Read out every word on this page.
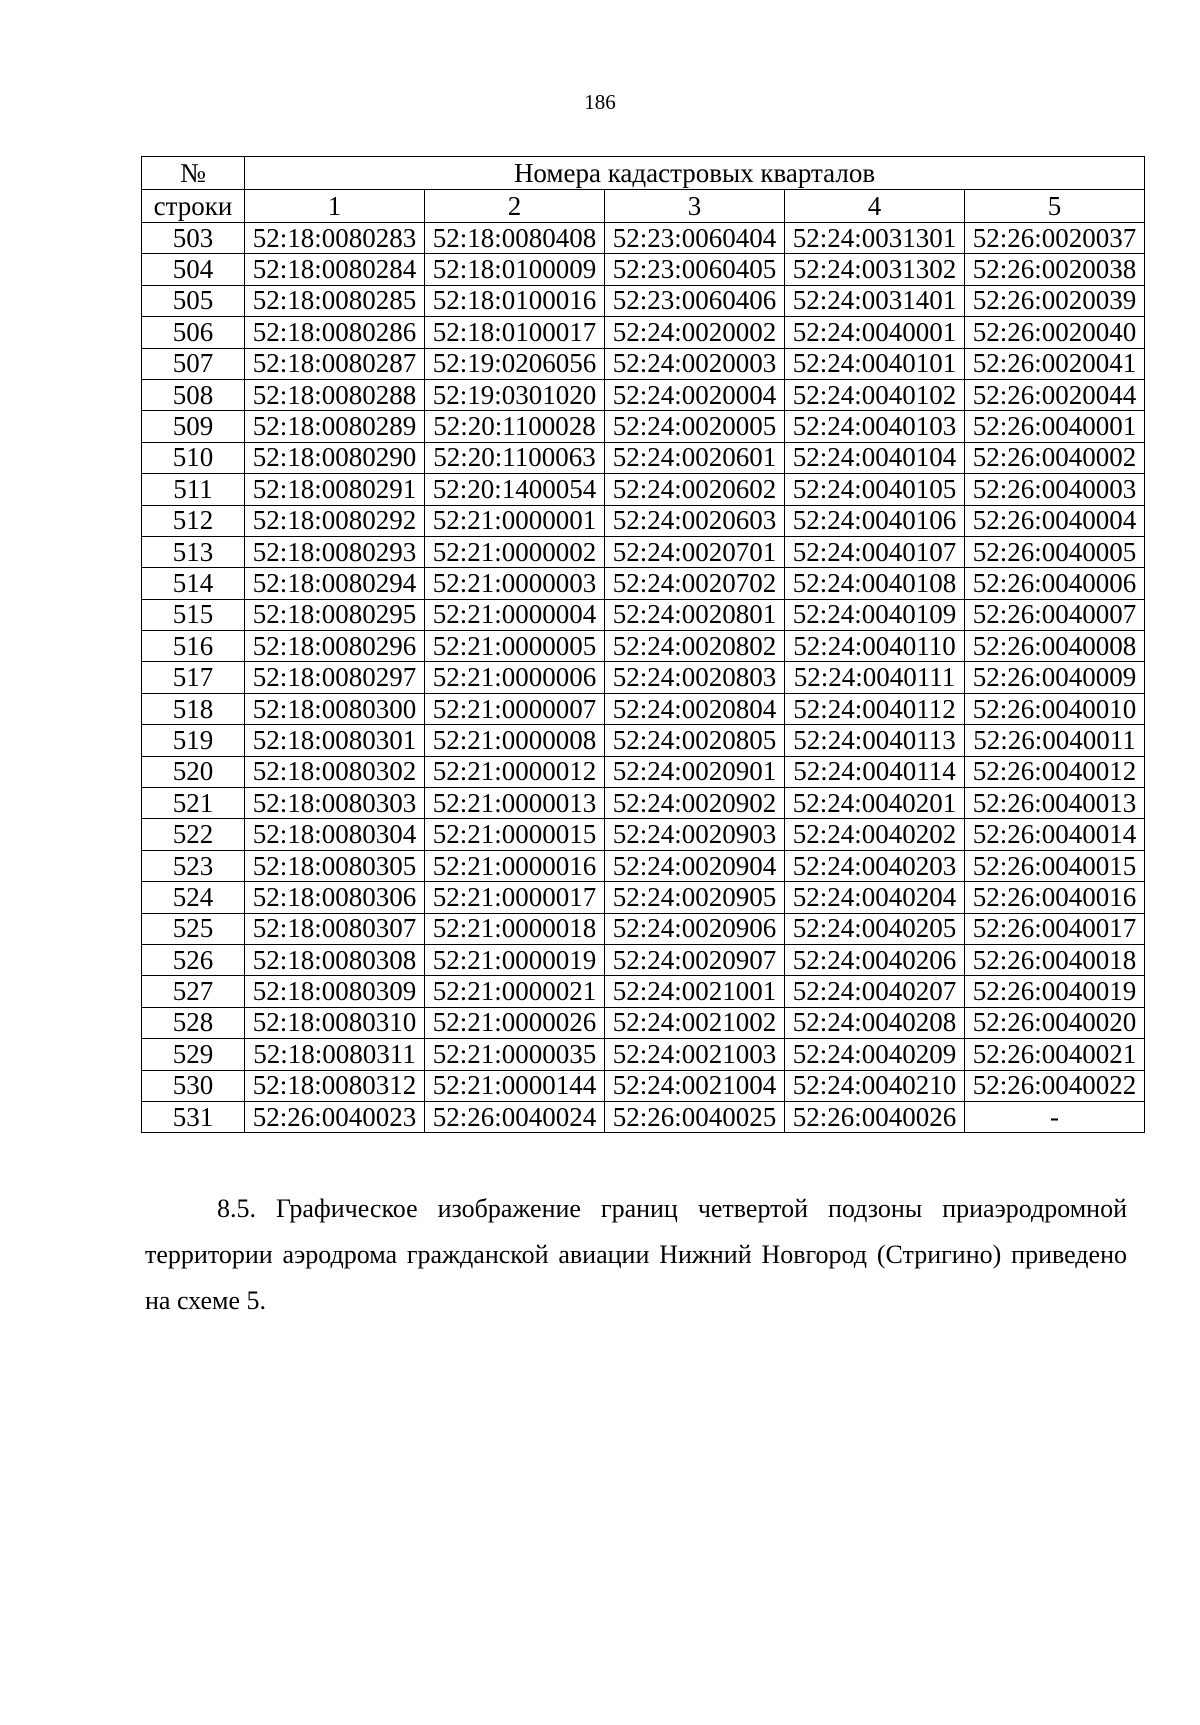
186
№	Номера кадастровых кварталов				
строки	1	2	3	4	5
503	52:18:0080283	52:18:0080408	52:23:0060404	52:24:0031301	52:26:0020037
504	52:18:0080284	52:18:0100009	52:23:0060405	52:24:0031302	52:26:0020038
505	52:18:0080285	52:18:0100016	52:23:0060406	52:24:0031401	52:26:0020039
506	52:18:0080286	52:18:0100017	52:24:0020002	52:24:0040001	52:26:0020040
507	52:18:0080287	52:19:0206056	52:24:0020003	52:24:0040101	52:26:0020041
508	52:18:0080288	52:19:0301020	52:24:0020004	52:24:0040102	52:26:0020044
509	52:18:0080289	52:20:1100028	52:24:0020005	52:24:0040103	52:26:0040001
510	52:18:0080290	52:20:1100063	52:24:0020601	52:24:0040104	52:26:0040002
511	52:18:0080291	52:20:1400054	52:24:0020602	52:24:0040105	52:26:0040003
512	52:18:0080292	52:21:0000001	52:24:0020603	52:24:0040106	52:26:0040004
513	52:18:0080293	52:21:0000002	52:24:0020701	52:24:0040107	52:26:0040005
514	52:18:0080294	52:21:0000003	52:24:0020702	52:24:0040108	52:26:0040006
515	52:18:0080295	52:21:0000004	52:24:0020801	52:24:0040109	52:26:0040007
516	52:18:0080296	52:21:0000005	52:24:0020802	52:24:0040110	52:26:0040008
517	52:18:0080297	52:21:0000006	52:24:0020803	52:24:0040111	52:26:0040009
518	52:18:0080300	52:21:0000007	52:24:0020804	52:24:0040112	52:26:0040010
519	52:18:0080301	52:21:0000008	52:24:0020805	52:24:0040113	52:26:0040011
520	52:18:0080302	52:21:0000012	52:24:0020901	52:24:0040114	52:26:0040012
521	52:18:0080303	52:21:0000013	52:24:0020902	52:24:0040201	52:26:0040013
522	52:18:0080304	52:21:0000015	52:24:0020903	52:24:0040202	52:26:0040014
523	52:18:0080305	52:21:0000016	52:24:0020904	52:24:0040203	52:26:0040015
524	52:18:0080306	52:21:0000017	52:24:0020905	52:24:0040204	52:26:0040016
525	52:18:0080307	52:21:0000018	52:24:0020906	52:24:0040205	52:26:0040017
526	52:18:0080308	52:21:0000019	52:24:0020907	52:24:0040206	52:26:0040018
527	52:18:0080309	52:21:0000021	52:24:0021001	52:24:0040207	52:26:0040019
528	52:18:0080310	52:21:0000026	52:24:0021002	52:24:0040208	52:26:0040020
529	52:18:0080311	52:21:0000035	52:24:0021003	52:24:0040209	52:26:0040021
530	52:18:0080312	52:21:0000144	52:24:0021004	52:24:0040210	52:26:0040022
531	52:26:0040023	52:26:0040024	52:26:0040025	52:26:0040026	-
8.5. Графическое изображение границ четвертой подзоны приаэродромной территории аэродрома гражданской авиации Нижний Новгород (Стригино) приведено на схеме 5.
